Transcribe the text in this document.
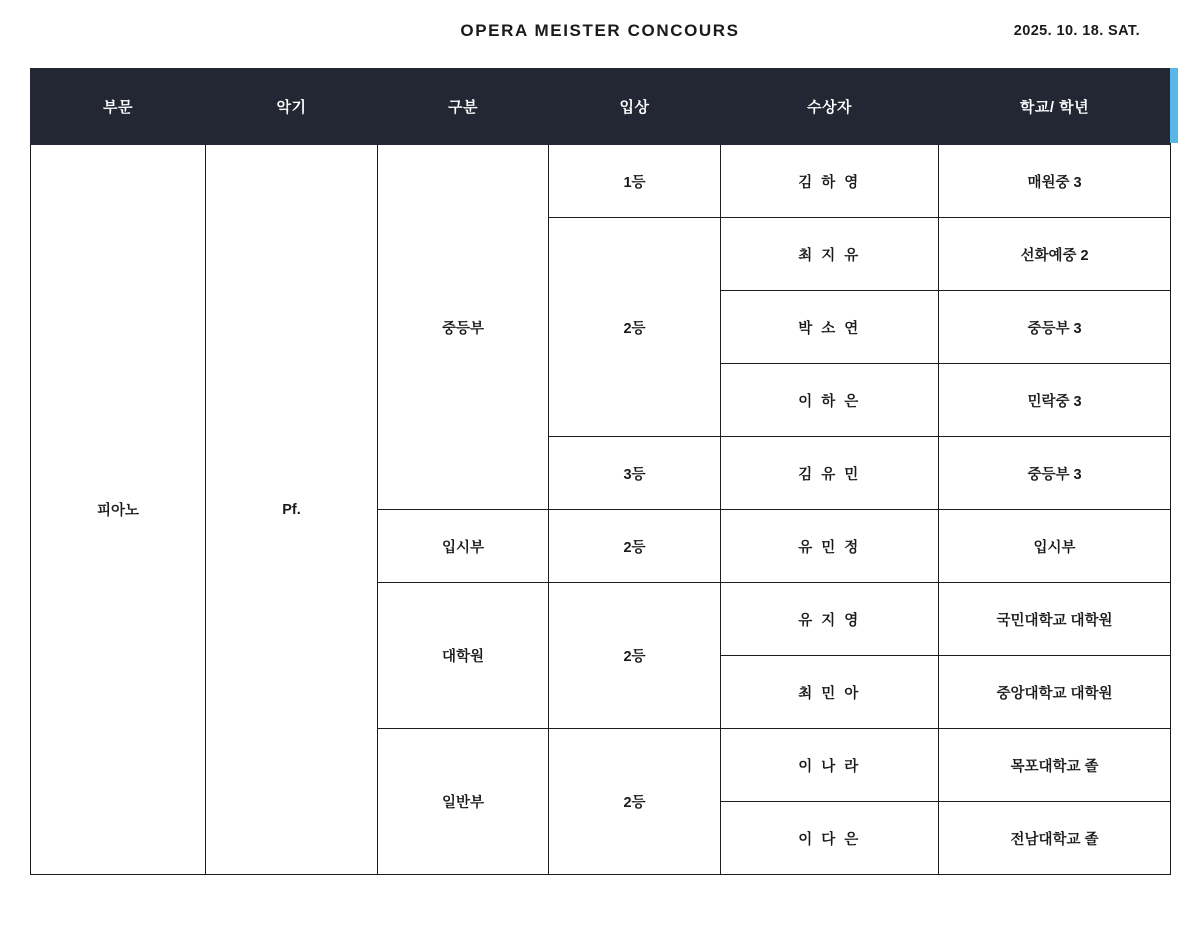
OPERA MEISTER CONCOURS	2025. 10. 18. SAT.
부문	악기	구분	입상	수상자	학교/ 학년
피아노	Pf.	중등부	1등	김 하 영	매원중 3
			2등	최 지 유	선화예중 2
				박 소 연	중등부 3
				이 하 은	민락중 3
			3등	김 유 민	중등부 3
		입시부	2등	유 민 정	입시부
		대학원	2등	유 지 영	국민대학교 대학원
				최 민 아	중앙대학교 대학원
		일반부	2등	이 나 라	목포대학교 졸
				이 다 은	전남대학교 졸
